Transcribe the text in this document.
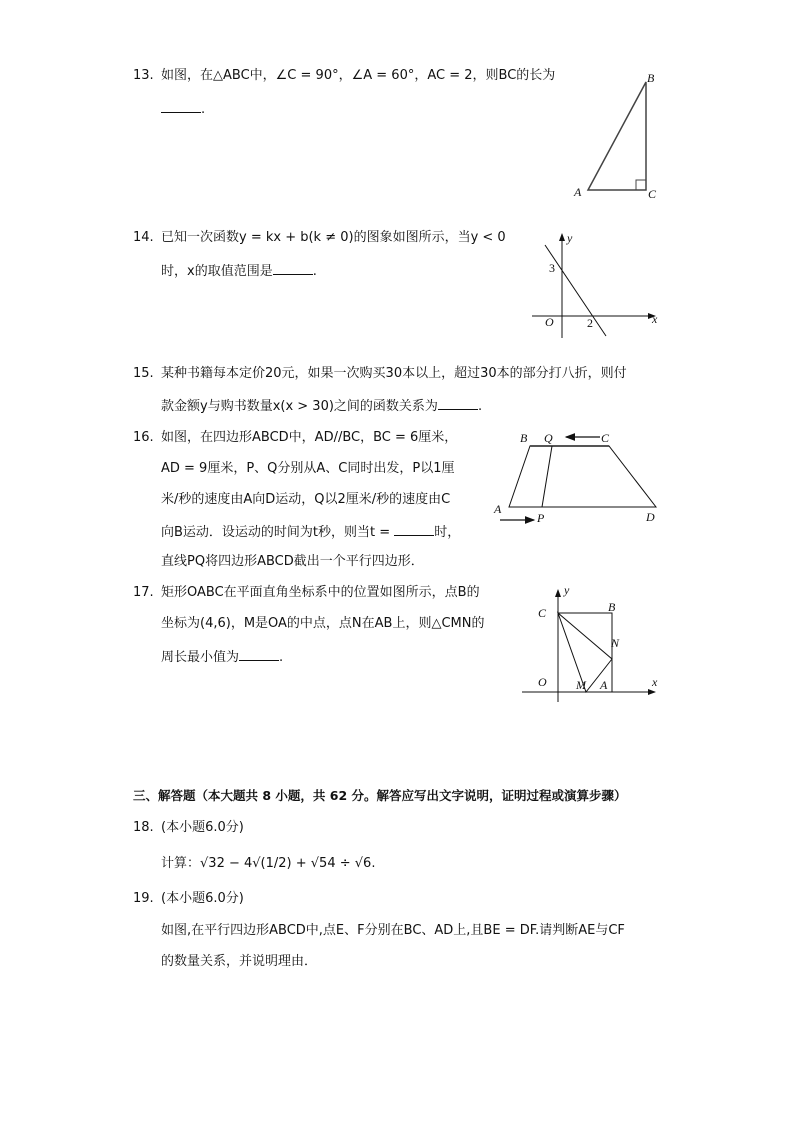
13. 如图，在△ABC中，∠C = 90°，∠A = 60°，AC = 2，则BC的长为
.
14. 已知一次函数y = kx + b(k ≠ 0)的图象如图所示，当y < 0
时，x的取值范围是	.
15. 某种书籍每本定价20元，如果一次购买30本以上，超过30本的部分打八折，则付
款金额y与购书数量x(x > 30)之间的函数关系为	.
16. 如图，在四边形ABCD中，AD//BC，BC = 6厘米，
AD = 9厘米，P、Q分别从A、C同时出发，P以1厘
米/秒的速度由A向D运动，Q以2厘米/秒的速度由C
向B运动．设运动的时间为t秒，则当t =	时，
直线PQ将四边形ABCD截出一个平行四边形．
17. 矩形OABC在平面直角坐标系中的位置如图所示，点B的
坐标为(4,6)，M是OA的中点，点N在AB上，则△CMN的
周长最小值为	.
三、解答题（本大题共 8 小题，共 62 分。解答应写出文字说明，证明过程或演算步骤）
18. (本小题6.0分)
计算：√32 − 4√(1/2) + √54 ÷ √6.
19. (本小题6.0分)
如图,在平行四边形ABCD中,点E、F分别在BC、AD上,且BE = DF.请判断AE与CF
的数量关系，并说明理由．
B
A	C
y
x
O
3
2
B Q	C
A
P	D
y
x
O
C	B
N
M A
